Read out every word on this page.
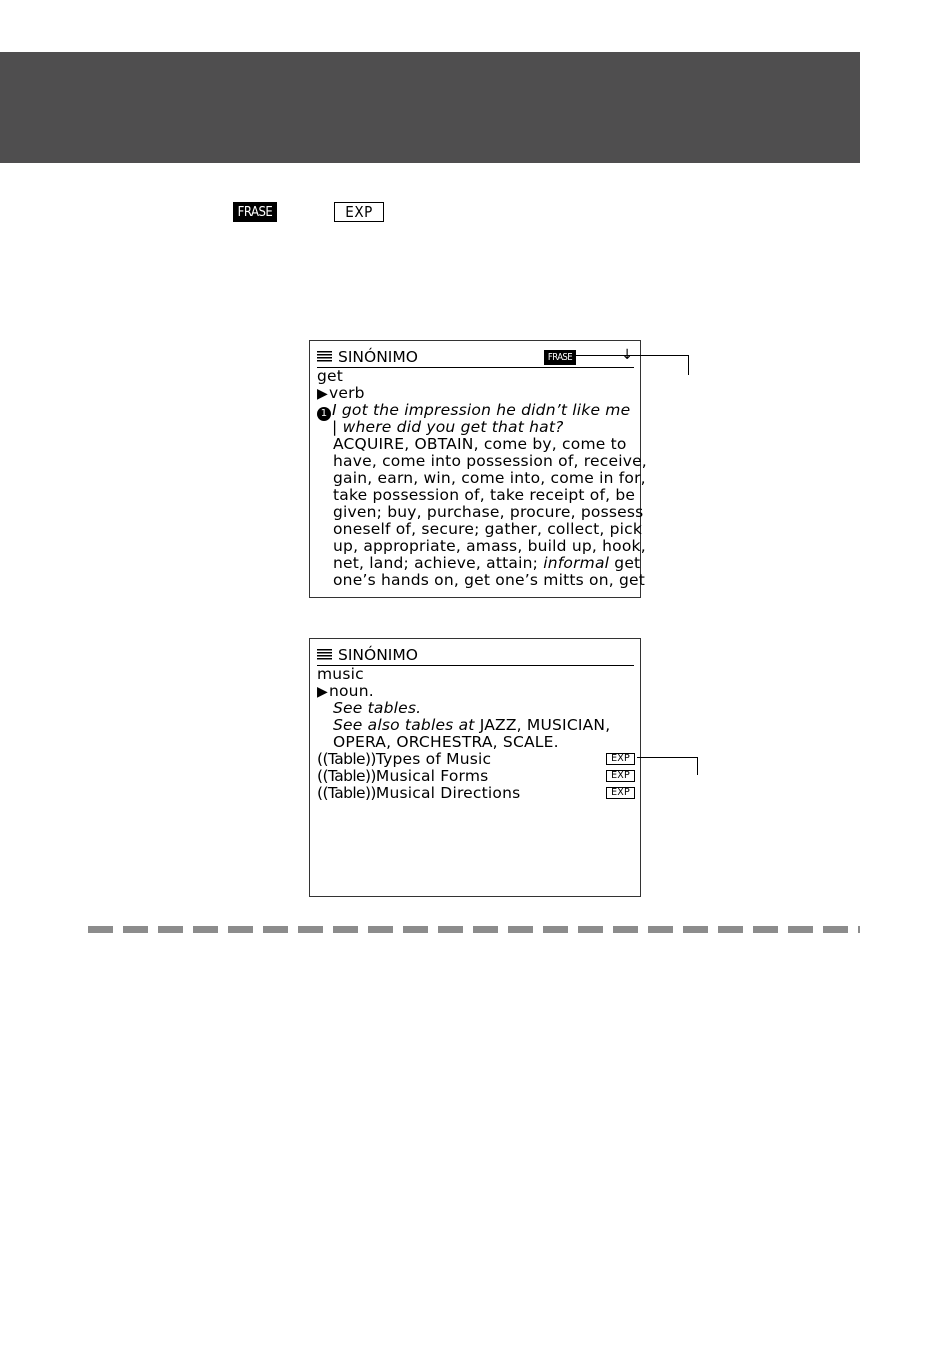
FRASE	EXP
SINÓNIMO	FRASE	↓
get
▶verb
1 I got the impression he didn’t like me
| where did you get that hat?
ACQUIRE, OBTAIN, come by, come to
have, come into possession of, receive,
gain, earn, win, come into, come in for,
take possession of, take receipt of, be
given; buy, purchase, procure, possess
oneself of, secure; gather, collect, pick
up, appropriate, amass, build up, hook,
net, land; achieve, attain; informal get
one’s hands on, get one’s mitts on, get
SINÓNIMO
music
▶noun.
See tables.
See also tables at JAZZ, MUSICIAN,
OPERA, ORCHESTRA, SCALE.
((Table))Types of Music	EXP
((Table))Musical Forms	EXP
((Table))Musical Directions	EXP
